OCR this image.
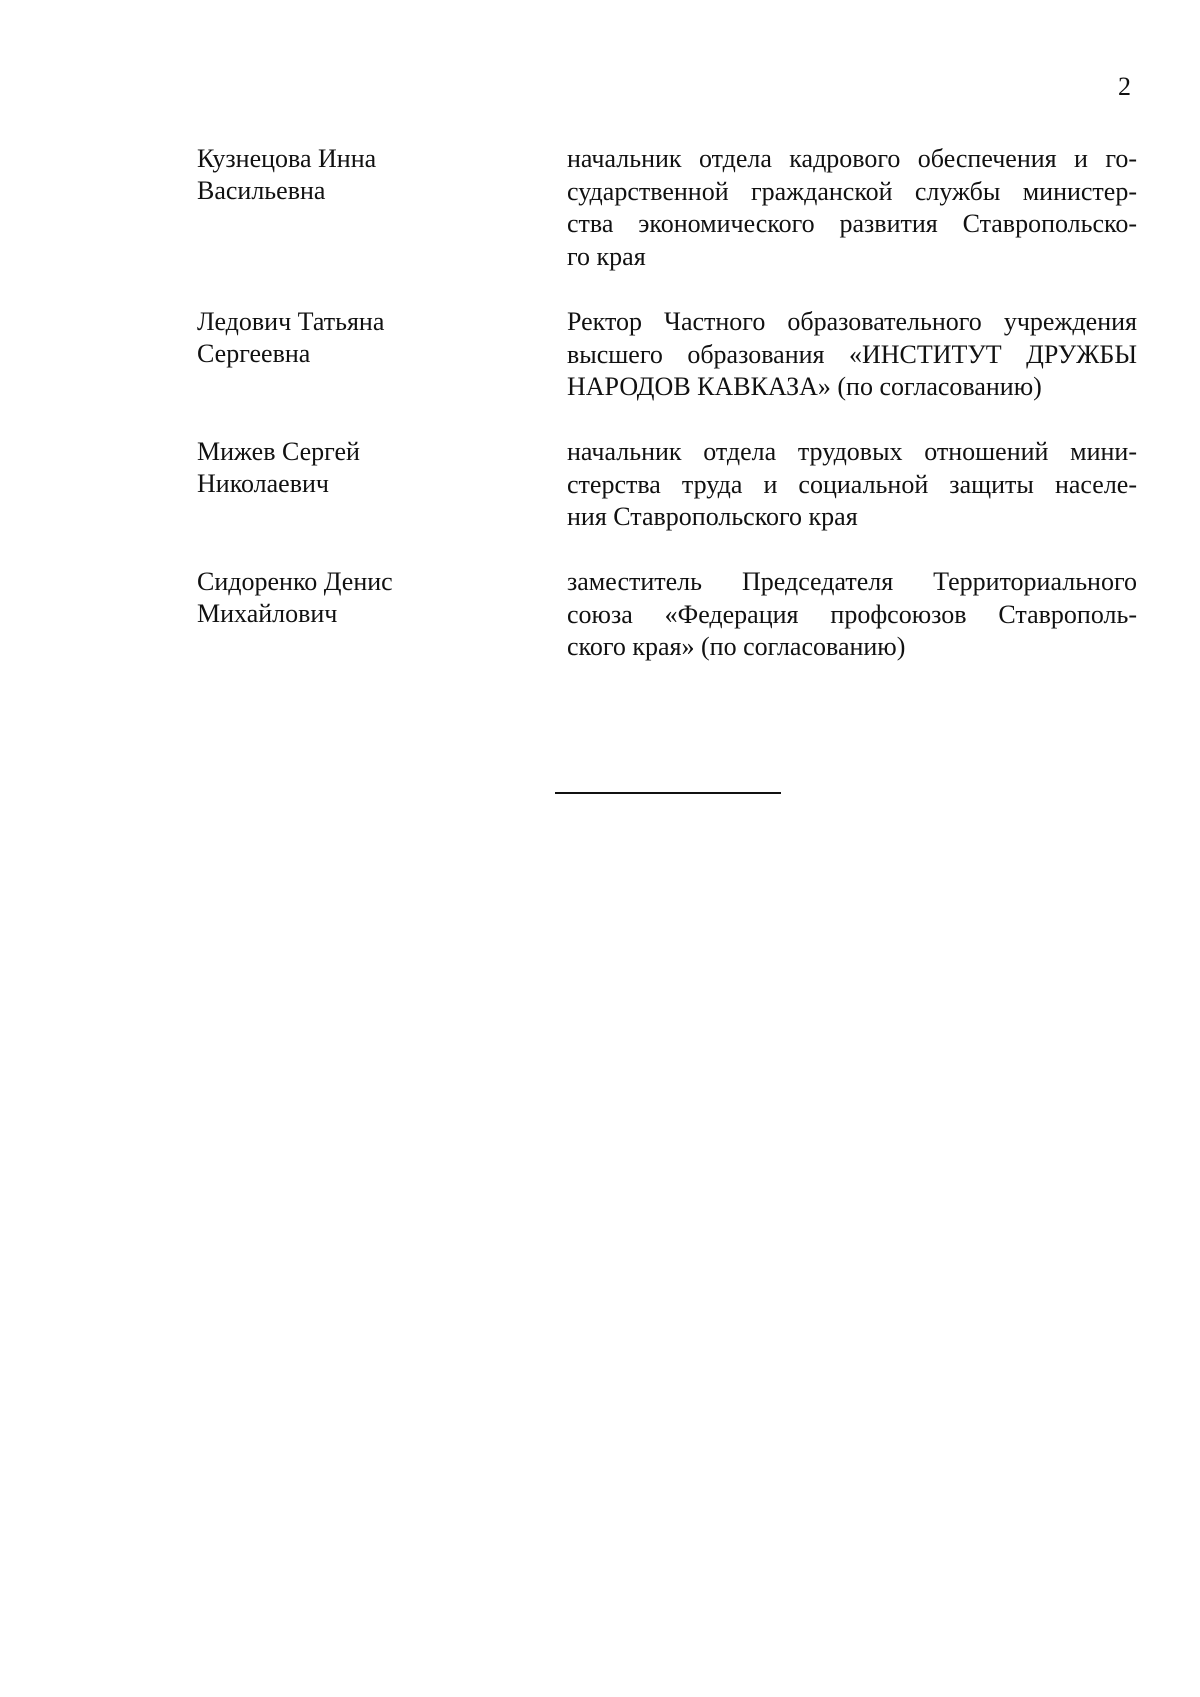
2
Кузнецова Инна
Васильевна
начальник отдела кадрового обеспечения и го-
сударственной гражданской службы министер-
ства экономического развития Ставропольско-
го края
Ледович Татьяна
Сергеевна
Ректор Частного образовательного учреждения
высшего образования «ИНСТИТУТ ДРУЖБЫ
НАРОДОВ КАВКАЗА» (по согласованию)
Мижев Сергей
Николаевич
начальник отдела трудовых отношений мини-
стерства труда и социальной защиты населе-
ния Ставропольского края
Сидоренко Денис
Михайлович
заместитель Председателя Территориального
союза «Федерация профсоюзов Ставрополь-
ского края» (по согласованию)
